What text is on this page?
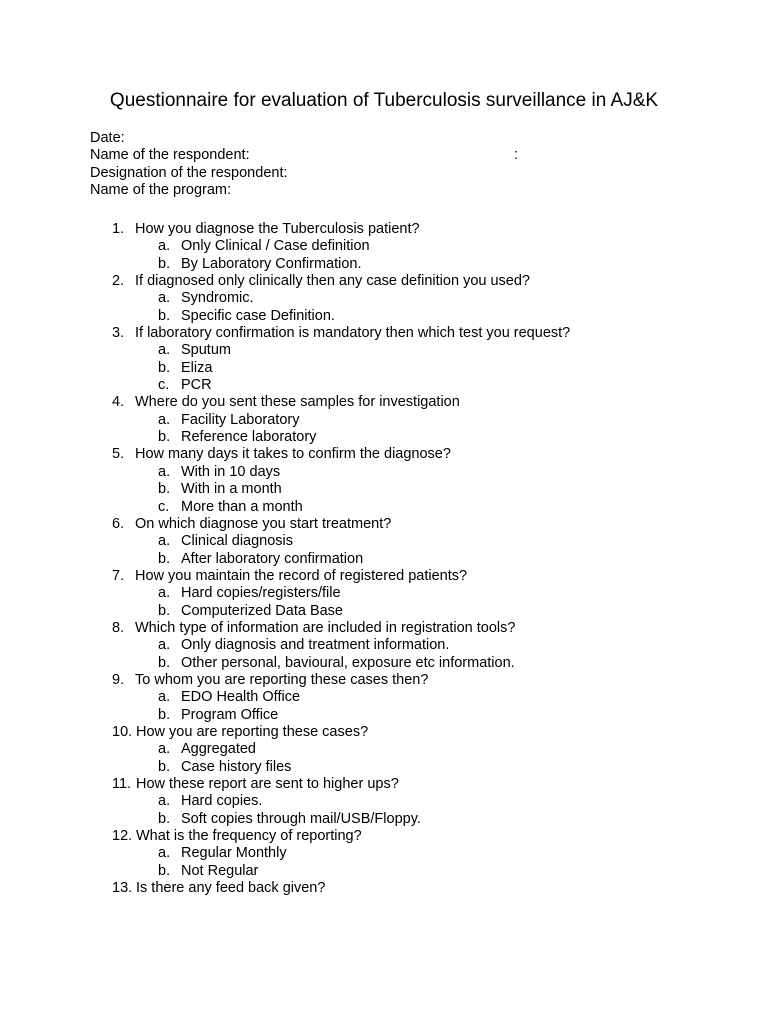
Questionnaire for evaluation of Tuberculosis surveillance in AJ&K
Date:
Name of the respondent:	:
Designation of the respondent:
Name of the program:
1. How you diagnose the Tuberculosis patient?
a. Only Clinical / Case definition
b. By Laboratory Confirmation.
2. If diagnosed only clinically then any case definition you used?
a. Syndromic.
b. Specific case Definition.
3. If laboratory confirmation is mandatory then which test you request?
a. Sputum
b. Eliza
c. PCR
4. Where do you sent these samples for investigation
a. Facility Laboratory
b. Reference laboratory
5. How many days it takes to confirm the diagnose?
a. With in 10 days
b. With in a month
c. More than a month
6. On which diagnose you start treatment?
a. Clinical diagnosis
b. After laboratory confirmation
7. How you maintain the record of registered patients?
a. Hard copies/registers/file
b. Computerized Data Base
8. Which type of information are included in registration tools?
a. Only diagnosis and treatment information.
b. Other personal, bavioural, exposure etc information.
9. To whom you are reporting these cases then?
a. EDO Health Office
b. Program Office
10. How you are reporting these cases?
a. Aggregated
b. Case history files
11. How these report are sent to higher ups?
a. Hard copies.
b. Soft copies through mail/USB/Floppy.
12. What is the frequency of reporting?
a. Regular Monthly
b. Not Regular
13. Is there any feed back given?
